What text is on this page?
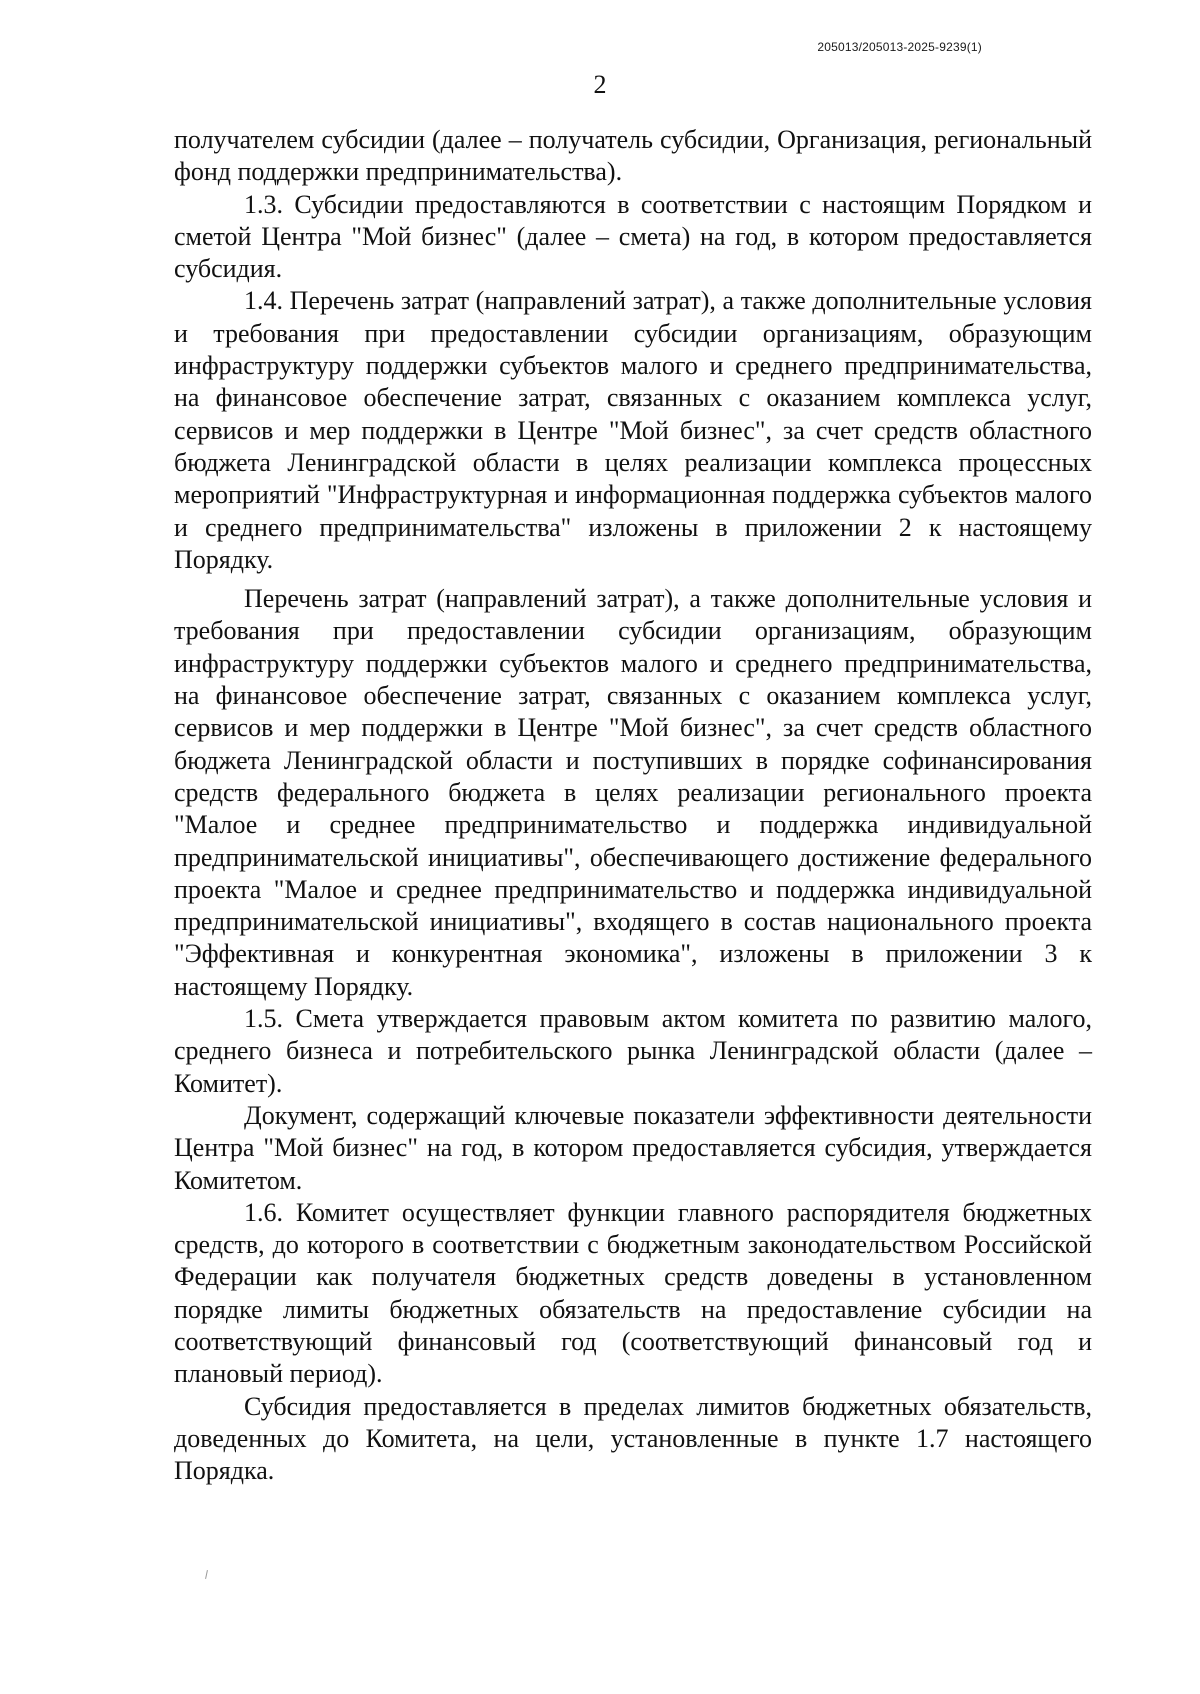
205013/205013-2025-9239(1)
2

получателем субсидии (далее – получатель субсидии, Организация, региональный фонд поддержки предпринимательства).

1.3. Субсидии предоставляются в соответствии с настоящим Порядком и сметой Центра "Мой бизнес" (далее – смета) на год, в котором предоставляется субсидия.

1.4. Перечень затрат (направлений затрат), а также дополнительные условия и требования при предоставлении субсидии организациям, образующим инфраструктуру поддержки субъектов малого и среднего предпринимательства, на финансовое обеспечение затрат, связанных с оказанием комплекса услуг, сервисов и мер поддержки в Центре "Мой бизнес", за счет средств областного бюджета Ленинградской области в целях реализации комплекса процессных мероприятий "Инфраструктурная и информационная поддержка субъектов малого и среднего предпринимательства" изложены в приложении 2 к настоящему Порядку.

Перечень затрат (направлений затрат), а также дополнительные условия и требования при предоставлении субсидии организациям, образующим инфраструктуру поддержки субъектов малого и среднего предпринимательства, на финансовое обеспечение затрат, связанных с оказанием комплекса услуг, сервисов и мер поддержки в Центре "Мой бизнес", за счет средств областного бюджета Ленинградской области и поступивших в порядке софинансирования средств федерального бюджета в целях реализации регионального проекта "Малое и среднее предпринимательство и поддержка индивидуальной предпринимательской инициативы", обеспечивающего достижение федерального проекта "Малое и среднее предпринимательство и поддержка индивидуальной предпринимательской инициативы", входящего в состав национального проекта "Эффективная и конкурентная экономика", изложены в приложении 3 к настоящему Порядку.

1.5. Смета утверждается правовым актом комитета по развитию малого, среднего бизнеса и потребительского рынка Ленинградской области (далее – Комитет).

Документ, содержащий ключевые показатели эффективности деятельности Центра "Мой бизнес" на год, в котором предоставляется субсидия, утверждается Комитетом.

1.6. Комитет осуществляет функции главного распорядителя бюджетных средств, до которого в соответствии с бюджетным законодательством Российской Федерации как получателя бюджетных средств доведены в установленном порядке лимиты бюджетных обязательств на предоставление субсидии на соответствующий финансовый год (соответствующий финансовый год и плановый период).

Субсидия предоставляется в пределах лимитов бюджетных обязательств, доведенных до Комитета, на цели, установленные в пункте 1.7 настоящего Порядка.
